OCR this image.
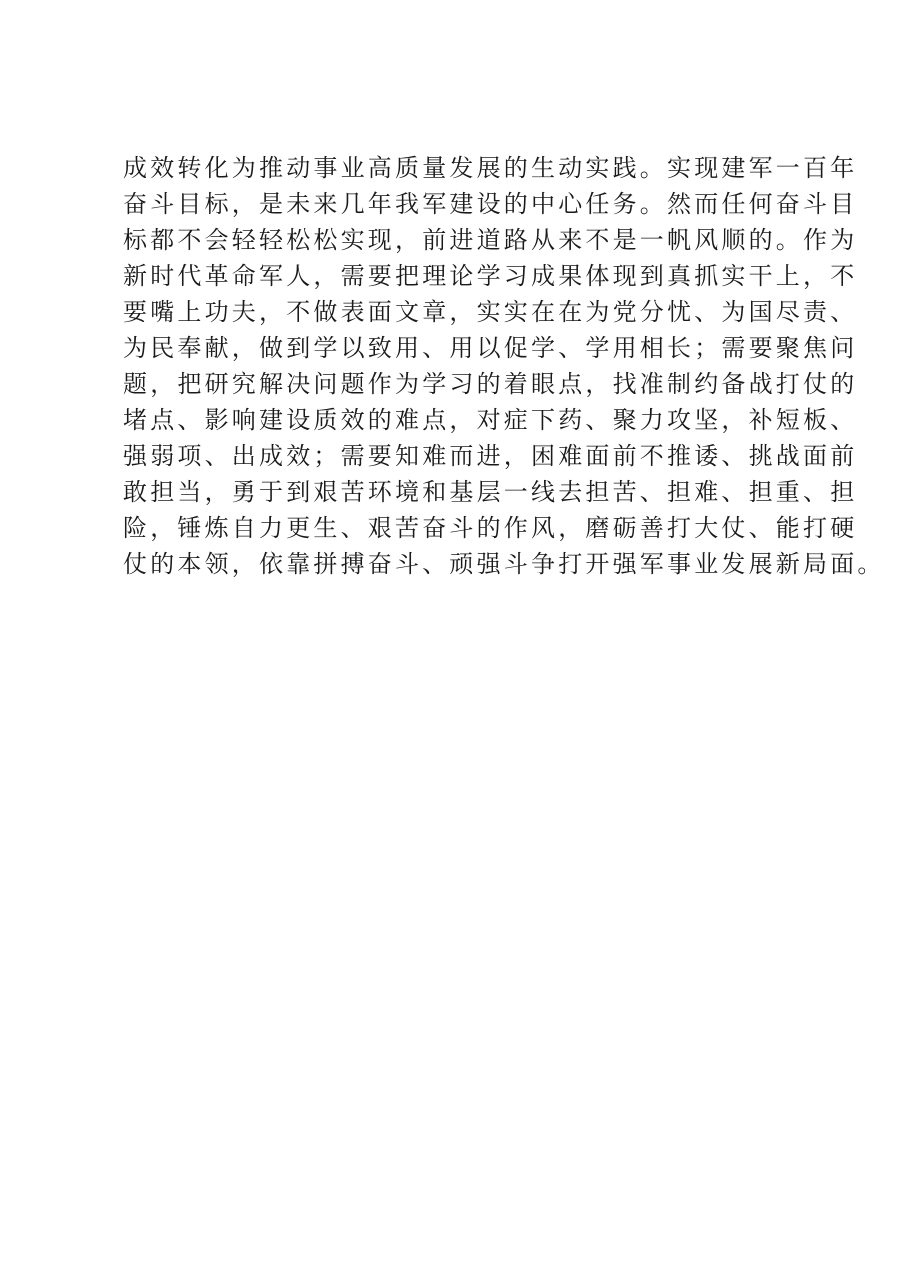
成效转化为推动事业高质量发展的生动实践。实现建军一百年
奋斗目标，是未来几年我军建设的中心任务。然而任何奋斗目
标都不会轻轻松松实现，前进道路从来不是一帆风顺的。作为
新时代革命军人，需要把理论学习成果体现到真抓实干上，不
要嘴上功夫，不做表面文章，实实在在为党分忧、为国尽责、
为民奉献，做到学以致用、用以促学、学用相长；需要聚焦问
题，把研究解决问题作为学习的着眼点，找准制约备战打仗的
堵点、影响建设质效的难点，对症下药、聚力攻坚，补短板、
强弱项、出成效；需要知难而进，困难面前不推诿、挑战面前
敢担当，勇于到艰苦环境和基层一线去担苦、担难、担重、担
险，锤炼自力更生、艰苦奋斗的作风，磨砺善打大仗、能打硬
仗的本领，依靠拼搏奋斗、顽强斗争打开强军事业发展新局面。
